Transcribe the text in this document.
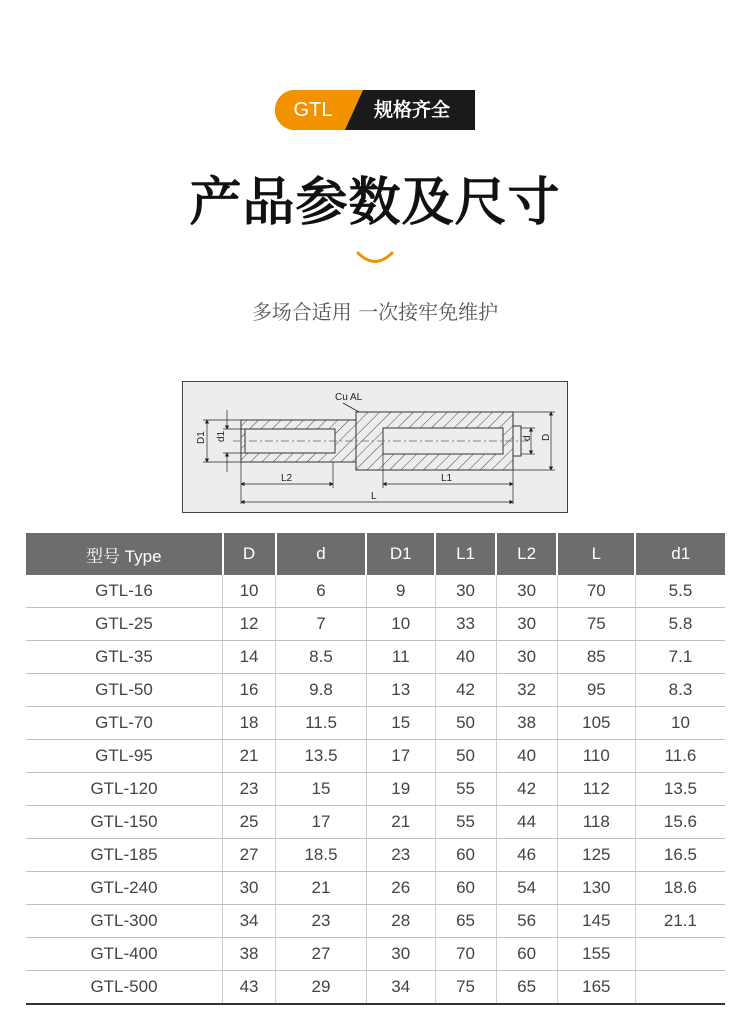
GTL	规格齐全
产品参数及尺寸
多场合适用 一次接牢免维护
Cu AL
D1 d1	d D
L2	L1
L
型号 Type	D	d	D1	L1	L2	L	d1
GTL-16	10	6	9	30	30	70	5.5
GTL-25	12	7	10	33	30	75	5.8
GTL-35	14	8.5	11	40	30	85	7.1
GTL-50	16	9.8	13	42	32	95	8.3
GTL-70	18	11.5	15	50	38	105	10
GTL-95	21	13.5	17	50	40	110	11.6
GTL-120	23	15	19	55	42	112	13.5
GTL-150	25	17	21	55	44	118	15.6
GTL-185	27	18.5	23	60	46	125	16.5
GTL-240	30	21	26	60	54	130	18.6
GTL-300	34	23	28	65	56	145	21.1
GTL-400	38	27	30	70	60	155	
GTL-500	43	29	34	75	65	165	
